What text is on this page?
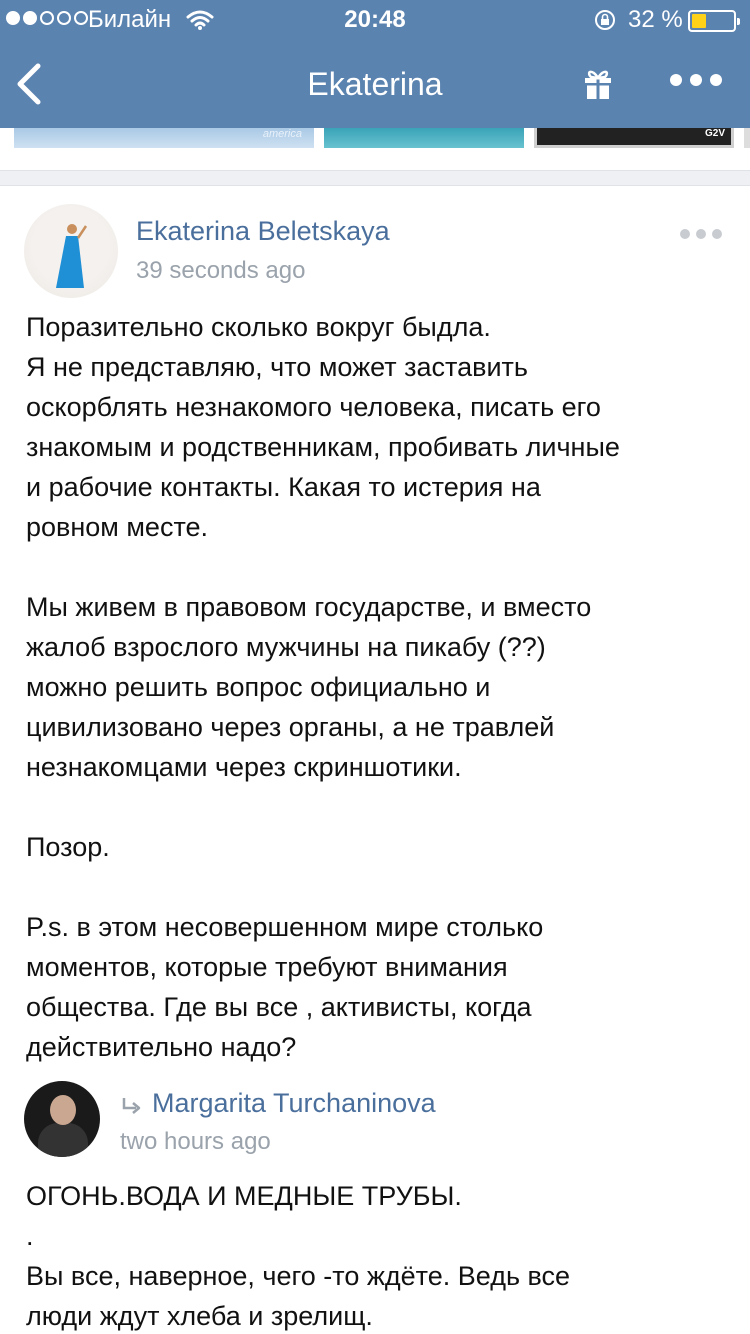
Билайн	20:48	32 %
Ekaterina
america	G2V
Ekaterina Beletskaya
39 seconds ago

Поразительно сколько вокруг быдла.

Я не представляю, что может заставить

оскорблять незнакомого человека, писать его

знакомым и родственникам, пробивать личные

и рабочие контакты. Какая то истерия на

ровном месте.

Мы живем в правовом государстве, и вместо

жалоб взрослого мужчины на пикабу (??)

можно решить вопрос официально и

цивилизовано через органы, а не травлей

незнакомцами через скриншотики.

Позор.

P.s. в этом несовершенном мире столько

моментов, которые требуют внимания

общества. Где вы все , активисты, когда

действительно надо?

Margarita Turchaninova
two hours ago

ОГОНЬ.ВОДА И МЕДНЫЕ ТРУБЫ.

.

Вы все, наверное, чего -то ждёте. Ведь все

люди ждут хлеба и зрелищ.
